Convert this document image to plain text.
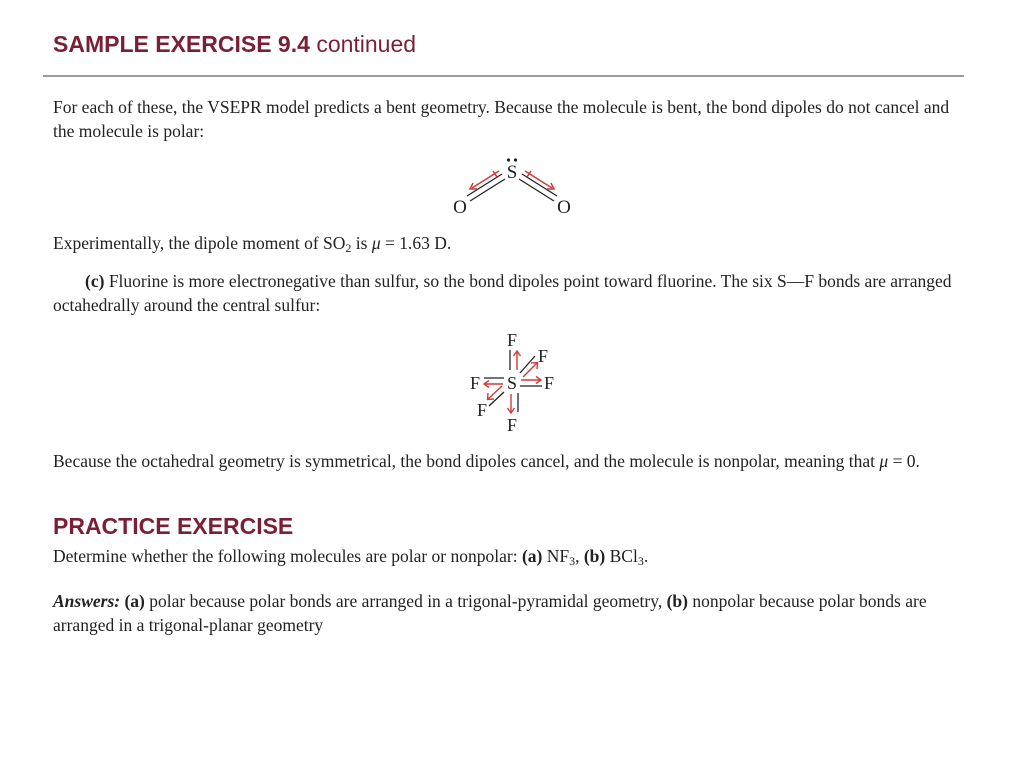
SAMPLE EXERCISE 9.4 continued
For each of these, the VSEPR model predicts a bent geometry. Because the molecule is bent, the bond dipoles do not cancel and the molecule is polar:
S
O	O
Experimentally, the dipole moment of $SO_2$ is μ = 1.63 D.
(c) Fluorine is more electronegative than sulfur, so the bond dipoles point toward fluorine. The six S—F bonds are arranged octahedrally around the central sulfur:
S
F
F
F	F
F
F
Because the octahedral geometry is symmetrical, the bond dipoles cancel, and the molecule is nonpolar, meaning that μ = 0.
PRACTICE EXERCISE
Determine whether the following molecules are polar or nonpolar: (a) $NF_3$, (b) BCl$_3$.
Answers: (a) polar because polar bonds are arranged in a trigonal-pyramidal geometry, (b) nonpolar because polar bonds are arranged in a trigonal-planar geometry
